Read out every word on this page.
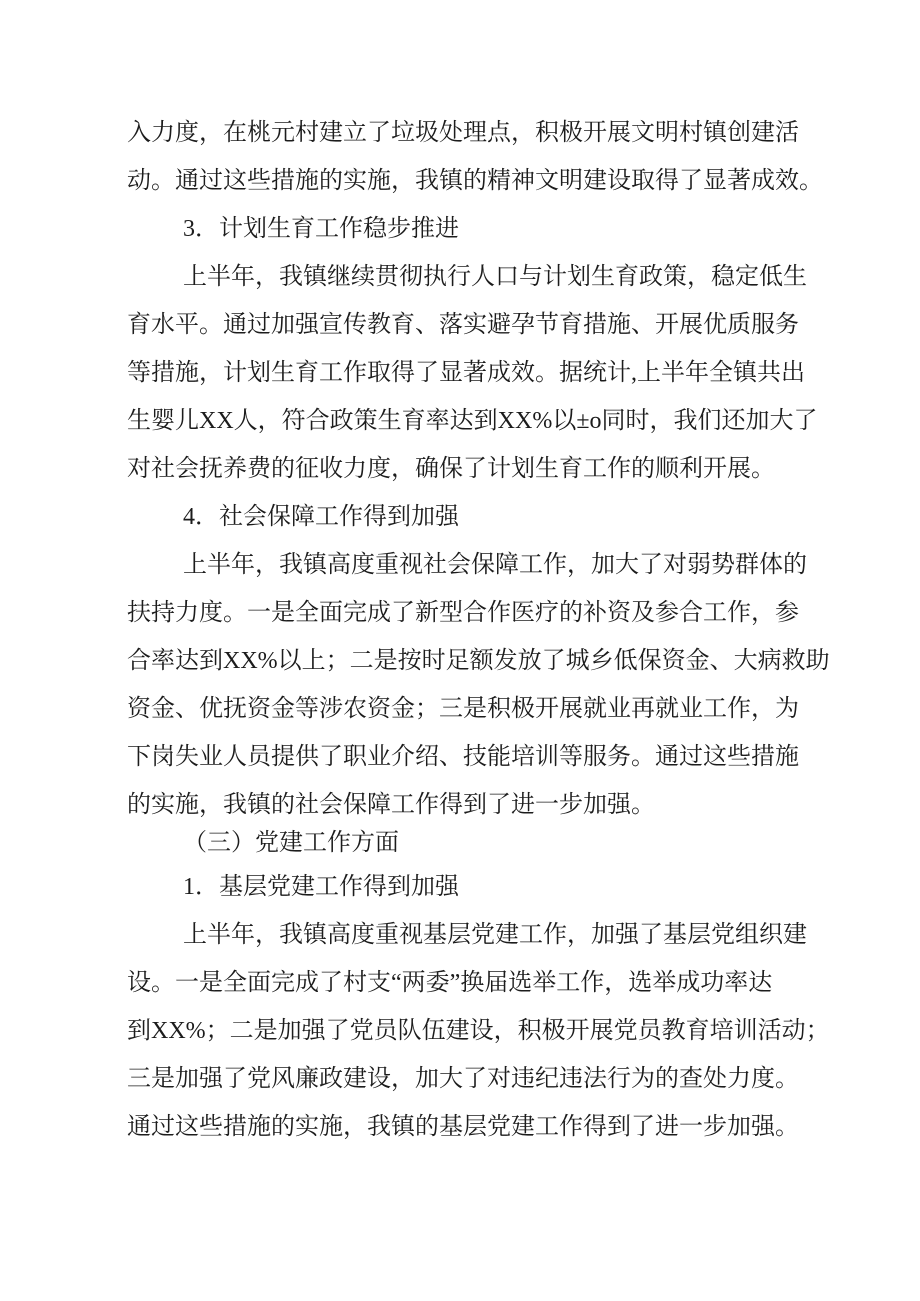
入力度，在桃元村建立了垃圾处理点，积极开展文明村镇创建活

动。通过这些措施的实施，我镇的精神文明建设取得了显著成效。

3．计划生育工作稳步推进

上半年，我镇继续贯彻执行人口与计划生育政策，稳定低生

育水平。通过加强宣传教育、落实避孕节育措施、开展优质服务

等措施，计划生育工作取得了显著成效。据统计,上半年全镇共出

生婴儿XX人，符合政策生育率达到XX%以±o同时，我们还加大了

对社会抚养费的征收力度，确保了计划生育工作的顺利开展。

4．社会保障工作得到加强

上半年，我镇高度重视社会保障工作，加大了对弱势群体的

扶持力度。一是全面完成了新型合作医疗的补资及参合工作，参

合率达到XX%以上；二是按时足额发放了城乡低保资金、大病救助

资金、优抚资金等涉农资金；三是积极开展就业再就业工作，为

下岗失业人员提供了职业介绍、技能培训等服务。通过这些措施

的实施，我镇的社会保障工作得到了进一步加强。

（三）党建工作方面

1．基层党建工作得到加强

上半年，我镇高度重视基层党建工作，加强了基层党组织建

设。一是全面完成了村支“两委”换届选举工作，选举成功率达

到XX%；二是加强了党员队伍建设，积极开展党员教育培训活动；

三是加强了党风廉政建设，加大了对违纪违法行为的查处力度。

通过这些措施的实施，我镇的基层党建工作得到了进一步加强。
